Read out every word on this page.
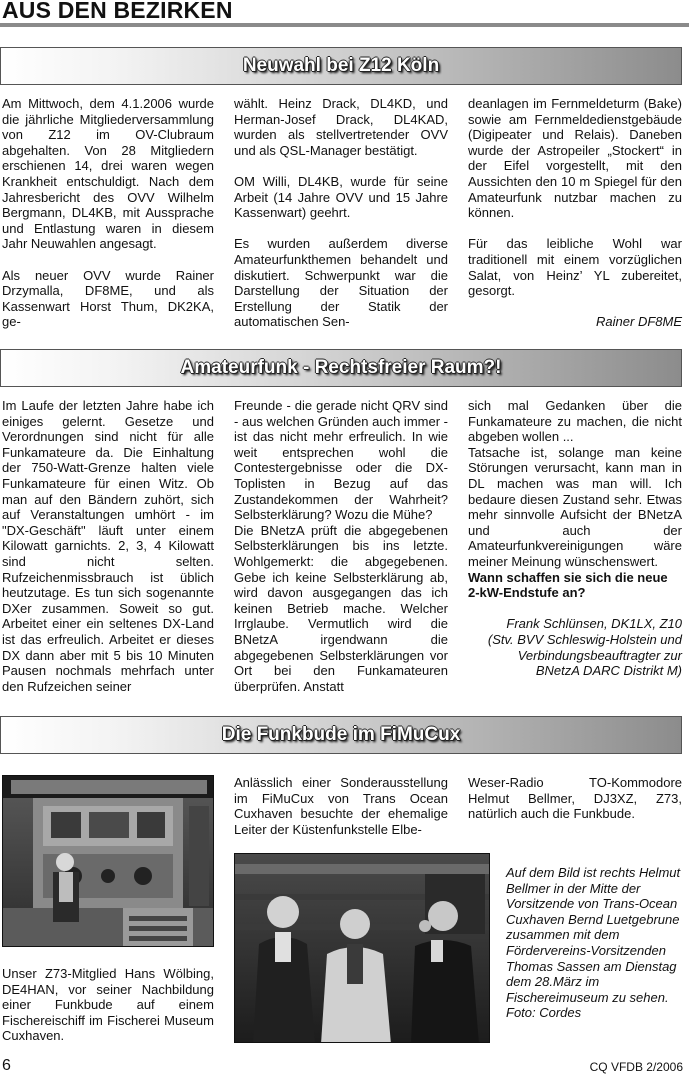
AUS DEN BEZIRKEN
Neuwahl bei Z12 Köln

Am Mittwoch, dem 4.1.2006 wurde die jährliche Mitgliederversammlung von Z12 im OV-Clubraum abgehalten. Von 28 Mitgliedern erschienen 14, drei waren wegen Krankheit entschuldigt. Nach dem Jahresbericht des OVV Wilhelm Bergmann, DL4KB, mit Aussprache und Entlastung waren in diesem Jahr Neuwahlen angesagt.

Als neuer OVV wurde Rainer Drzymalla, DF8ME, und als Kassenwart Horst Thum, DK2KA, ge-

wählt. Heinz Drack, DL4KD, und Herman-Josef Drack, DL4KAD, wurden als stellvertretender OVV und als QSL-Manager bestätigt.

OM Willi, DL4KB, wurde für seine Arbeit (14 Jahre OVV und 15 Jahre Kassenwart) geehrt.

Es wurden außerdem diverse Amateurfunkthemen behandelt und diskutiert. Schwerpunkt war die Darstellung der Situation der Erstellung der Statik der automatischen Sen-

deanlagen im Fernmeldeturm (Bake) sowie am Fernmeldedienstgebäude (Digipeater und Relais). Daneben wurde der Astropeiler „Stockert“ in der Eifel vorgestellt, mit den Aussichten den 10 m Spiegel für den Amateurfunk nutzbar machen zu können.

Für das leibliche Wohl war traditionell mit einem vorzüglichen Salat, von Heinz’ YL zubereitet, gesorgt.

Rainer DF8ME

Amateurfunk - Rechtsfreier Raum?!

Im Laufe der letzten Jahre habe ich einiges gelernt. Gesetze und Verordnungen sind nicht für alle Funkamateure da. Die Einhaltung der 750-Watt-Grenze halten viele Funkamateure für einen Witz. Ob man auf den Bändern zuhört, sich auf Veranstaltungen umhört - im "DX-Geschäft" läuft unter einem Kilowatt garnichts. 2, 3, 4 Kilowatt sind nicht selten. Rufzeichenmissbrauch ist üblich heutzutage. Es tun sich sogenannte DXer zusammen. Soweit so gut. Arbeitet einer ein seltenes DX-Land ist das erfreulich. Arbeitet er dieses DX dann aber mit 5 bis 10 Minuten Pausen nochmals mehrfach unter den Rufzeichen seiner

Freunde - die gerade nicht QRV sind - aus welchen Gründen auch immer - ist das nicht mehr erfreulich. In wie weit entsprechen wohl die Contestergebnisse oder die DX-Toplisten in Bezug auf das Zustandekommen der Wahrheit? Selbsterklärung? Wozu die Mühe?

Die BNetzA prüft die abgegebenen Selbsterklärungen bis ins letzte. Wohlgemerkt: die abgegebenen. Gebe ich keine Selbsterklärung ab, wird davon ausgegangen das ich keinen Betrieb mache. Welcher Irrglaube. Vermutlich wird die BNetzA irgendwann die abgegebenen Selbsterklärungen vor Ort bei den Funkamateuren überprüfen. Anstatt

sich mal Gedanken über die Funkamateure zu machen, die nicht abgeben wollen ...

Tatsache ist, solange man keine Störungen verursacht, kann man in DL machen was man will. Ich bedaure diesen Zustand sehr. Etwas mehr sinnvolle Aufsicht der BNetzA und auch der Amateurfunkvereinigungen wäre meiner Meinung wünschenswert.

Wann schaffen sie sich die neue 2-kW-Endstufe an?

Frank Schlünsen, DK1LX, Z10

(Stv. BVV Schleswig-Holstein und

Verbindungsbeauftragter zur

BNetzA DARC Distrikt M)

Die Funkbude im FiMuCux

Unser Z73-Mitglied Hans Wölbing, DE4HAN, vor seiner Nachbildung einer Funkbude auf einem Fischereischiff im Fischerei Museum Cuxhaven.

Anlässlich einer Sonderausstellung im FiMuCux von Trans Ocean Cuxhaven besuchte der ehemalige Leiter der Küstenfunkstelle Elbe-

Weser-Radio TO-Kommodore Helmut Bellmer, DJ3XZ, Z73, natürlich auch die Funkbude.

Auf dem Bild ist rechts Helmut Bellmer in der Mitte der Vorsitzende von Trans-Ocean Cuxhaven Bernd Luetgebrune zusammen mit dem Fördervereins-Vorsitzenden Thomas Sassen am Dienstag dem 28.März im Fischereimuseum zu sehen. Foto: Cordes

6	CQ VFDB 2/2006
